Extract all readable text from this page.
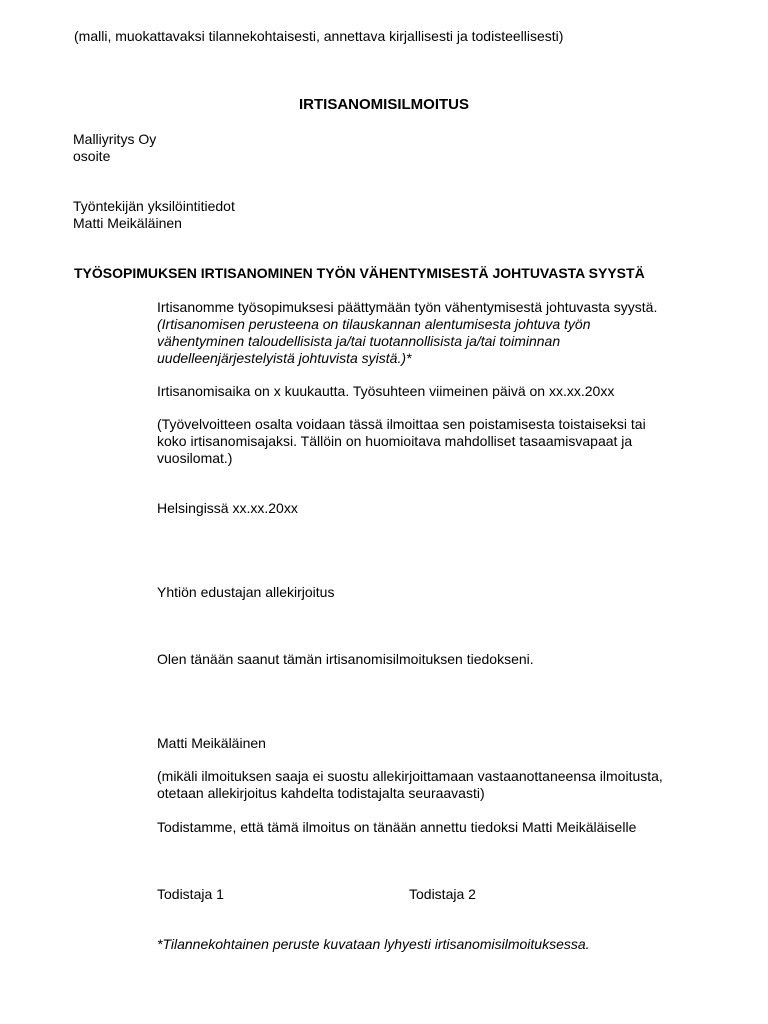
(malli, muokattavaksi tilannekohtaisesti, annettava kirjallisesti ja todisteellisesti)
IRTISANOMISILMOITUS
Malliyritys Oy
osoite
Työntekijän yksilöintitiedot
Matti Meikäläinen
TYÖSOPIMUKSEN IRTISANOMINEN TYÖN VÄHENTYMISESTÄ JOHTUVASTA SYYSTÄ
Irtisanomme työsopimuksesi päättymään työn vähentymisestä johtuvasta syystä.
(Irtisanomisen perusteena on tilauskannan alentumisesta johtuva työn
vähentyminen taloudellisista ja/tai tuotannollisista ja/tai toiminnan
uudelleenjärjestelyistä johtuvista syistä.)*
Irtisanomisaika on x kuukautta. Työsuhteen viimeinen päivä on xx.xx.20xx
(Työvelvoitteen osalta voidaan tässä ilmoittaa sen poistamisesta toistaiseksi tai
koko irtisanomisajaksi. Tällöin on huomioitava mahdolliset tasaamisvapaat ja
vuosilomat.)
Helsingissä xx.xx.20xx
Yhtiön edustajan allekirjoitus
Olen tänään saanut tämän irtisanomisilmoituksen tiedokseni.
Matti Meikäläinen
(mikäli ilmoituksen saaja ei suostu allekirjoittamaan vastaanottaneensa ilmoitusta,
otetaan allekirjoitus kahdelta todistajalta seuraavasti)
Todistamme, että tämä ilmoitus on tänään annettu tiedoksi Matti Meikäläiselle
Todistaja 1	Todistaja 2
*Tilannekohtainen peruste kuvataan lyhyesti irtisanomisilmoituksessa.
